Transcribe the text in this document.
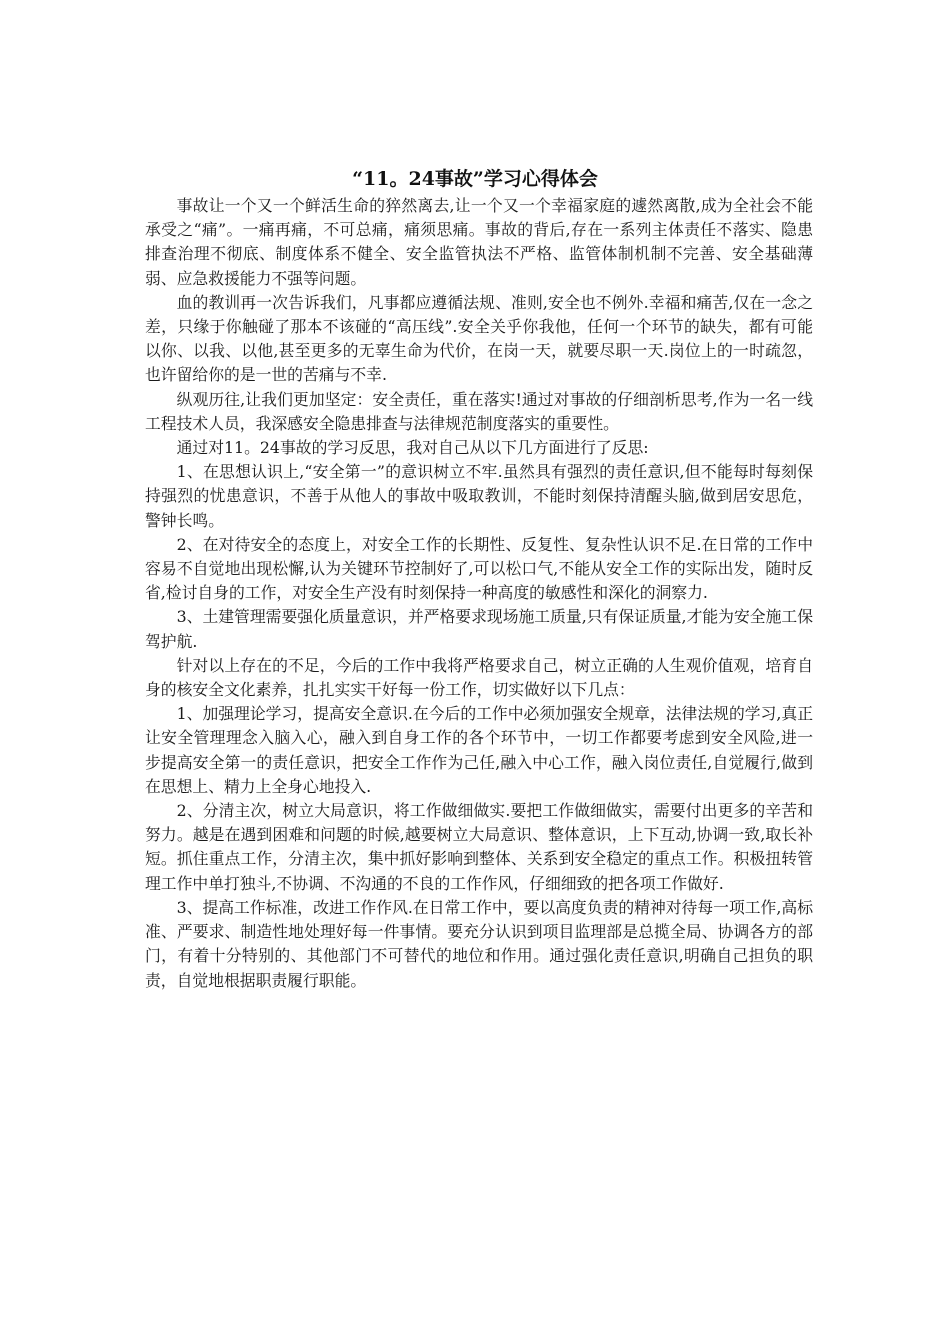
“11。24事故”学习心得体会

事故让一个又一个鲜活生命的猝然离去,让一个又一个幸福家庭的遽然离散,成为全社会不能承受之“痛”。一痛再痛，不可总痛，痛须思痛。事故的背后,存在一系列主体责任不落实、隐患排查治理不彻底、制度体系不健全、安全监管执法不严格、监管体制机制不完善、安全基础薄弱、应急救援能力不强等问题。

血的教训再一次告诉我们，凡事都应遵循法规、准则,安全也不例外.幸福和痛苦,仅在一念之差，只缘于你触碰了那本不该碰的“高压线”.安全关乎你我他，任何一个环节的缺失，都有可能以你、以我、以他,甚至更多的无辜生命为代价，在岗一天，就要尽职一天.岗位上的一时疏忽，也许留给你的是一世的苦痛与不幸.

纵观历往,让我们更加坚定：安全责任，重在落实!通过对事故的仔细剖析思考,作为一名一线工程技术人员，我深感安全隐患排查与法律规范制度落实的重要性。

通过对11。24事故的学习反思，我对自己从以下几方面进行了反思:

1、在思想认识上,“安全第一”的意识树立不牢.虽然具有强烈的责任意识,但不能每时每刻保持强烈的忧患意识，不善于从他人的事故中吸取教训，不能时刻保持清醒头脑,做到居安思危，警钟长鸣。

2、在对待安全的态度上，对安全工作的长期性、反复性、复杂性认识不足.在日常的工作中容易不自觉地出现松懈,认为关键环节控制好了,可以松口气,不能从安全工作的实际出发，随时反省,检讨自身的工作，对安全生产没有时刻保持一种高度的敏感性和深化的洞察力.

3、土建管理需要强化质量意识，并严格要求现场施工质量,只有保证质量,才能为安全施工保驾护航.

针对以上存在的不足，今后的工作中我将严格要求自己，树立正确的人生观价值观，培育自身的核安全文化素养，扎扎实实干好每一份工作，切实做好以下几点：

1、加强理论学习，提高安全意识.在今后的工作中必须加强安全规章，法律法规的学习,真正让安全管理理念入脑入心，融入到自身工作的各个环节中，一切工作都要考虑到安全风险,进一步提高安全第一的责任意识，把安全工作作为己任,融入中心工作，融入岗位责任,自觉履行,做到在思想上、精力上全身心地投入.

2、分清主次，树立大局意识，将工作做细做实.要把工作做细做实，需要付出更多的辛苦和努力。越是在遇到困难和问题的时候,越要树立大局意识、整体意识，上下互动,协调一致,取长补短。抓住重点工作，分清主次，集中抓好影响到整体、关系到安全稳定的重点工作。积极扭转管理工作中单打独斗,不协调、不沟通的不良的工作作风，仔细细致的把各项工作做好.

3、提高工作标准，改进工作作风.在日常工作中，要以高度负责的精神对待每一项工作,高标准、严要求、制造性地处理好每一件事情。要充分认识到项目监理部是总揽全局、协调各方的部门，有着十分特别的、其他部门不可替代的地位和作用。通过强化责任意识,明确自己担负的职责，自觉地根据职责履行职能。
